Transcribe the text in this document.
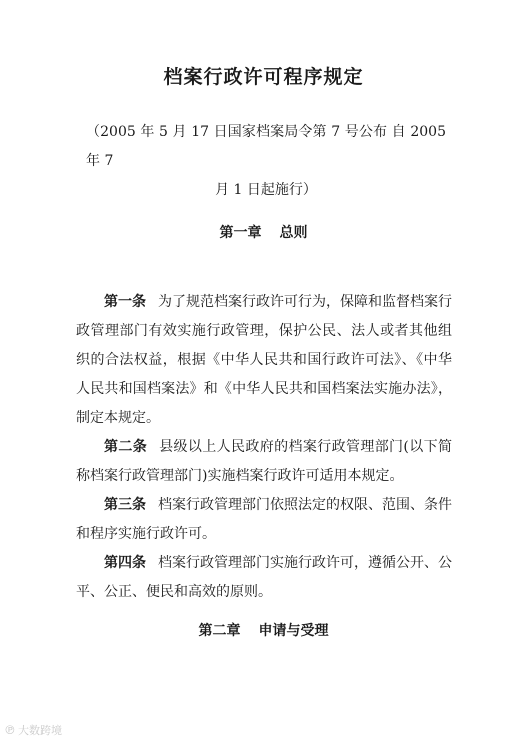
档案行政许可程序规定
（2005 年 5 月 17 日国家档案局令第 7 号公布 自 2005 年 7
月 1 日起施行）
第一章 总则

第一条 为了规范档案行政许可行为，保障和监督档案行政管理部门有效实施行政管理，保护公民、法人或者其他组织的合法权益，根据《中华人民共和国行政许可法》、《中华人民共和国档案法》和《中华人民共和国档案法实施办法》，制定本规定。

第二条 县级以上人民政府的档案行政管理部门(以下简称档案行政管理部门)实施档案行政许可适用本规定。

第三条 档案行政管理部门依照法定的权限、范围、条件和程序实施行政许可。

第四条 档案行政管理部门实施行政许可，遵循公开、公平、公正、便民和高效的原则。

第二章 申请与受理
℗ 大数跨境
